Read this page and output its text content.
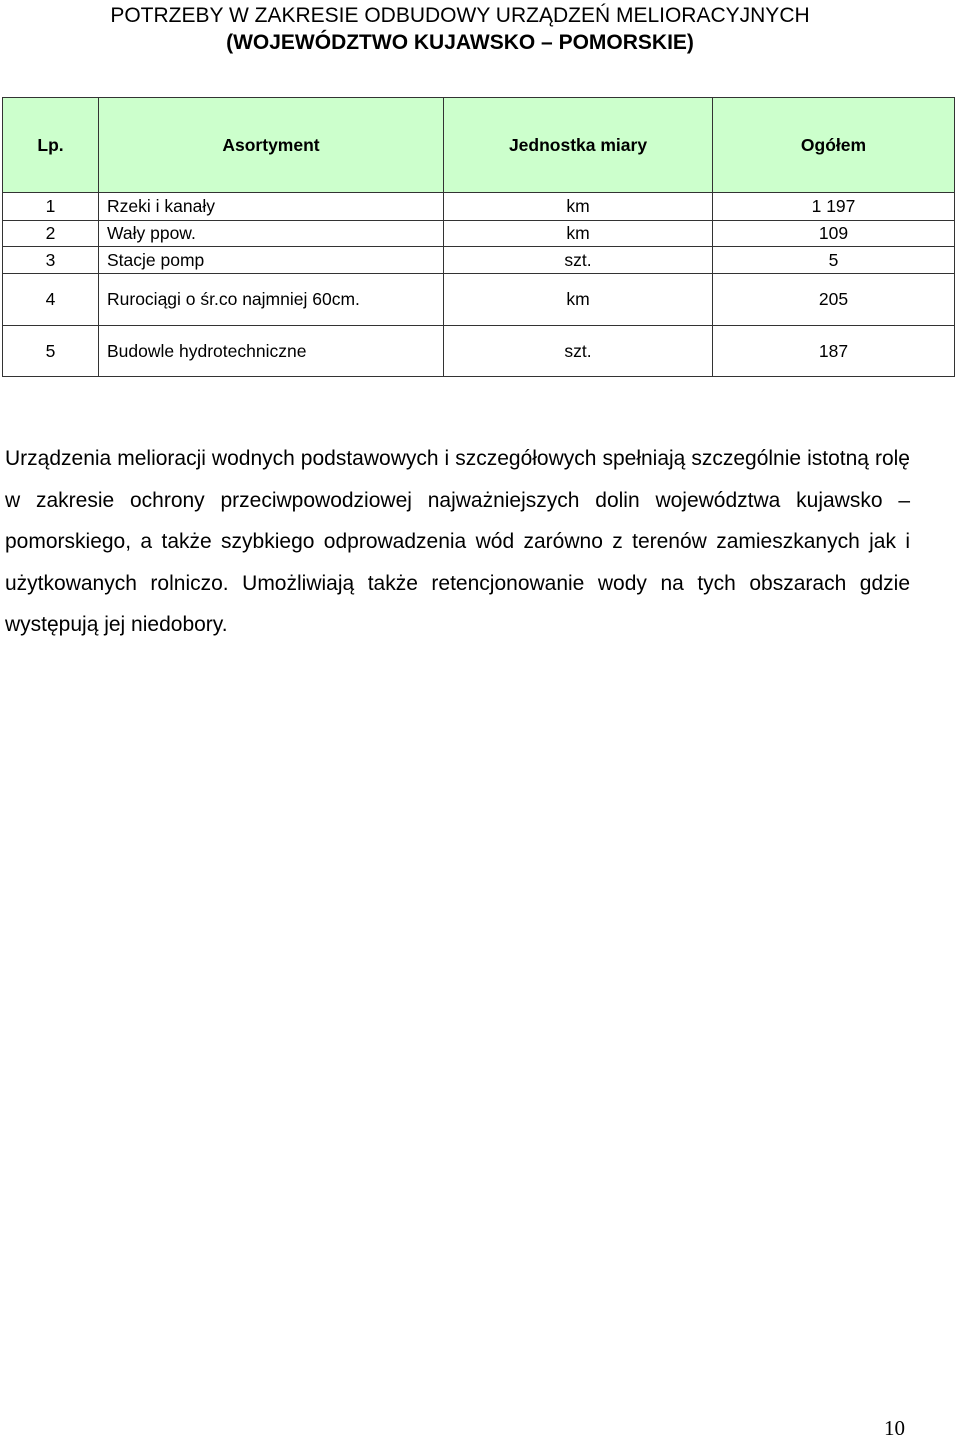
POTRZEBY W ZAKRESIE ODBUDOWY URZĄDZEŃ MELIORACYJNYCH
(WOJEWÓDZTWO KUJAWSKO – POMORSKIE)
Lp.	Asortyment	Jednostka miary	Ogółem
1	Rzeki i kanały	km	1 197
2	Wały ppow.	km	109
3	Stacje pomp	szt.	5
4	Rurociągi o śr.co najmniej 60cm.	km	205
5	Budowle hydrotechniczne	szt.	187

Urządzenia melioracji wodnych podstawowych i szczegółowych spełniają szczególnie istotną rolę w zakresie ochrony przeciwpowodziowej najważniejszych dolin województwa kujawsko – pomorskiego, a także szybkiego odprowadzenia wód zarówno z terenów zamieszkanych jak i użytkowanych rolniczo. Umożliwiają także retencjonowanie wody na tych obszarach gdzie występują jej niedobory.

10
